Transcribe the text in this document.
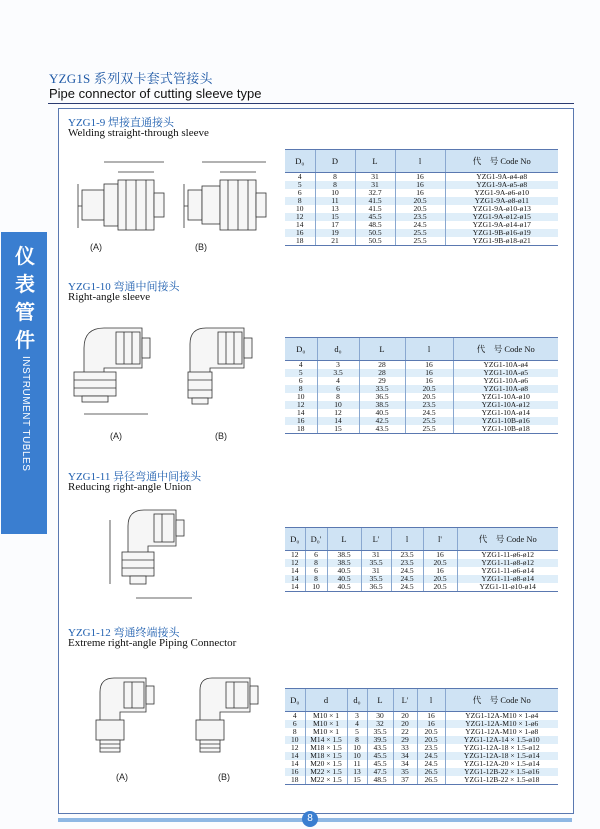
YZG1S 系列双卡套式管接头
Pipe connector of cutting sleeve type
仪
表
管
件
INSTRUMENT TUBLES
YZG1-9 焊接直通接头
Welding straight-through sleeve
(A)	(B)
D₀	D	L	l	代　号 Code No
4	8	31	16	YZG1-9A-ø4-ø8
5	8	31	16	YZG1-9A-ø5-ø8
6	10	32.7	16	YZG1-9A-ø6-ø10
8	11	41.5	20.5	YZG1-9A-ø8-ø11
10	13	41.5	20.5	YZG1-9A-ø10-ø13
12	15	45.5	23.5	YZG1-9A-ø12-ø15
14	17	48.5	24.5	YZG1-9A-ø14-ø17
16	19	50.5	25.5	YZG1-9B-ø16-ø19
18	21	50.5	25.5	YZG1-9B-ø18-ø21
YZG1-10 弯通中间接头
Right-angle sleeve
(A)	(B)
D₀	d₀	L	l	代　号 Code No
4	3	28	16	YZG1-10A-ø4
5	3.5	28	16	YZG1-10A-ø5
6	4	29	16	YZG1-10A-ø6
8	6	33.5	20.5	YZG1-10A-ø8
10	8	36.5	20.5	YZG1-10A-ø10
12	10	38.5	23.5	YZG1-10A-ø12
14	12	40.5	24.5	YZG1-10A-ø14
16	14	42.5	25.5	YZG1-10B-ø16
18	15	43.5	25.5	YZG1-10B-ø18
YZG1-11 异径弯通中间接头
Reducing right-angle Union
D₀	D₀'	L	L'	l	l'	代　号 Code No
12	6	38.5	31	23.5	16	YZG1-11-ø6-ø12
12	8	38.5	35.5	23.5	20.5	YZG1-11-ø8-ø12
14	6	40.5	31	24.5	16	YZG1-11-ø6-ø14
14	8	40.5	35.5	24.5	20.5	YZG1-11-ø8-ø14
14	10	40.5	36.5	24.5	20.5	YZG1-11-ø10-ø14
YZG1-12 弯通终端接头
Extreme right-angle Piping Connector
(A)	(B)
D₀	d	d₀	L	L'	l	代　号 Code No
4	M10 × 1	3	30	20	16	YZG1-12A-M10 × 1-ø4
6	M10 × 1	4	32	20	16	YZG1-12A-M10 × 1-ø6
8	M10 × 1	5	35.5	22	20.5	YZG1-12A-M10 × 1-ø8
10	M14 × 1.5	8	39.5	29	20.5	YZG1-12A-14 × 1.5-ø10
12	M18 × 1.5	10	43.5	33	23.5	YZG1-12A-18 × 1.5-ø12
14	M18 × 1.5	10	45.5	34	24.5	YZG1-12A-18 × 1.5-ø14
14	M20 × 1.5	11	45.5	34	24.5	YZG1-12A-20 × 1.5-ø14
16	M22 × 1.5	13	47.5	35	26.5	YZG1-12B-22 × 1.5-ø16
18	M22 × 1.5	15	48.5	37	26.5	YZG1-12B-22 × 1.5-ø18
8
